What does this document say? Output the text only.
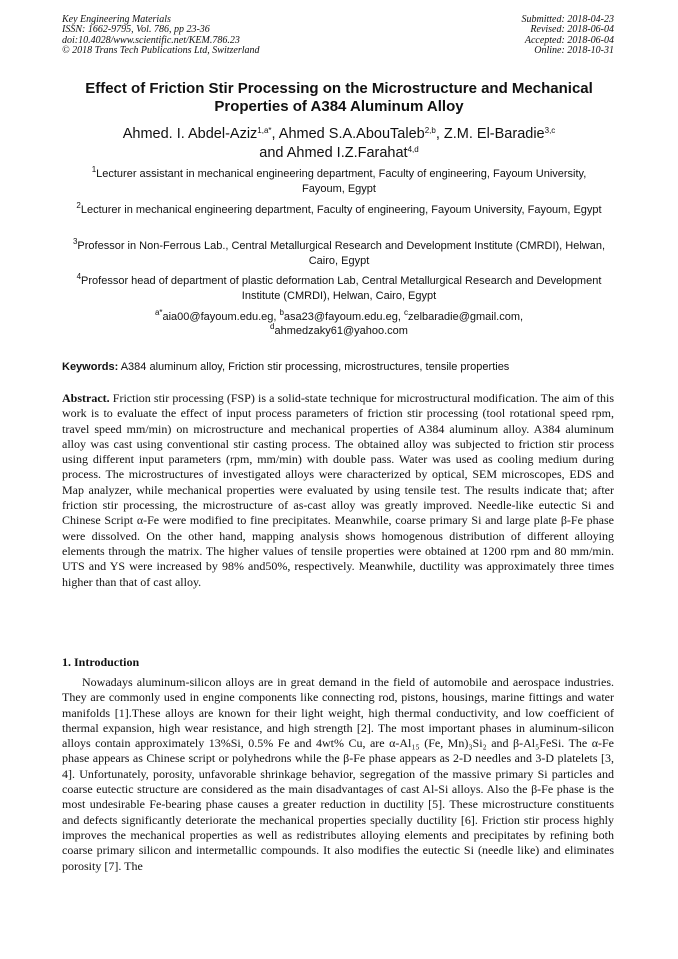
Key Engineering Materials
ISSN: 1662-9795, Vol. 786, pp 23-36
doi:10.4028/www.scientific.net/KEM.786.23
© 2018 Trans Tech Publications Ltd, Switzerland
Submitted: 2018-04-23
Revised: 2018-06-04
Accepted: 2018-06-04
Online: 2018-10-31
Effect of Friction Stir Processing on the Microstructure and Mechanical Properties of A384 Aluminum Alloy
Ahmed. I. Abdel-Aziz$^{1,a*}$, Ahmed S.A.AbouTaleb$^{2,b}$, Z.M. El-Baradie$^{3,c}$
and Ahmed I.Z.Farahat$^{4,d}$
$^1$Lecturer assistant in mechanical engineering department, Faculty of engineering, Fayoum University, Fayoum, Egypt
$^2$Lecturer in mechanical engineering department, Faculty of engineering, Fayoum University, Fayoum, Egypt
$^3$Professor in Non-Ferrous Lab., Central Metallurgical Research and Development Institute (CMRDI), Helwan, Cairo, Egypt
$^4$Professor head of department of plastic deformation Lab, Central Metallurgical Research and Development Institute (CMRDI), Helwan, Cairo, Egypt
$^{a*}$aia00@fayoum.edu.eg, $^b$asa23@fayoum.edu.eg, $^c$zelbaradie@gmail.com,
$^d$ahmedzaky61@yahoo.com
Keywords: A384 aluminum alloy, Friction stir processing, microstructures, tensile properties
Abstract. Friction stir processing (FSP) is a solid-state technique for microstructural modification. The aim of this work is to evaluate the effect of input process parameters of friction stir processing (tool rotational speed rpm, travel speed mm/min) on microstructure and mechanical properties of A384 aluminum alloy. A384 aluminum alloy was cast using conventional stir casting process. The obtained alloy was subjected to friction stir process using different input parameters (rpm, mm/min) with double pass. Water was used as cooling medium during process. The microstructures of investigated alloys were characterized by optical, SEM microscopes, EDS and Map analyzer, while mechanical properties were evaluated by using tensile test. The results indicate that; after friction stir processing, the microstructure of as-cast alloy was greatly improved. Needle-like eutectic Si and Chinese Script α-Fe were modified to fine precipitates. Meanwhile, coarse primary Si and large plate β-Fe phase were dissolved. On the other hand, mapping analysis shows homogenous distribution of different alloying elements through the matrix. The higher values of tensile properties were obtained at 1200 rpm and 80 mm/min. UTS and YS were increased by 98% and50%, respectively. Meanwhile, ductility was approximately three times higher than that of cast alloy.
1. Introduction
Nowadays aluminum-silicon alloys are in great demand in the field of automobile and aerospace industries. They are commonly used in engine components like connecting rod, pistons, housings, marine fittings and water manifolds [1].These alloys are known for their light weight, high thermal conductivity, and low coefficient of thermal expansion, high wear resistance, and high strength [2]. The most important phases in aluminum-silicon alloys contain approximately 13%Si, 0.5% Fe and 4wt% Cu, are α-Al₁₅ (Fe, Mn)₃Si₂ and β-Al₅FeSi. The α-Fe phase appears as Chinese script or polyhedrons while the β-Fe phase appears as 2-D needles and 3-D platelets [3, 4]. Unfortunately, porosity, unfavorable shrinkage behavior, segregation of the massive primary Si particles and coarse eutectic structure are considered as the main disadvantages of cast Al-Si alloys. Also the β-Fe phase is the most undesirable Fe-bearing phase causes a greater reduction in ductility [5]. These microstructure constituents and defects significantly deteriorate the mechanical properties specially ductility [6]. Friction stir process highly improves the mechanical properties as well as redistributes alloying elements and precipitates by refining both coarse primary silicon and intermetallic compounds. It also modifies the eutectic Si (needle like) and eliminates porosity [7]. The
